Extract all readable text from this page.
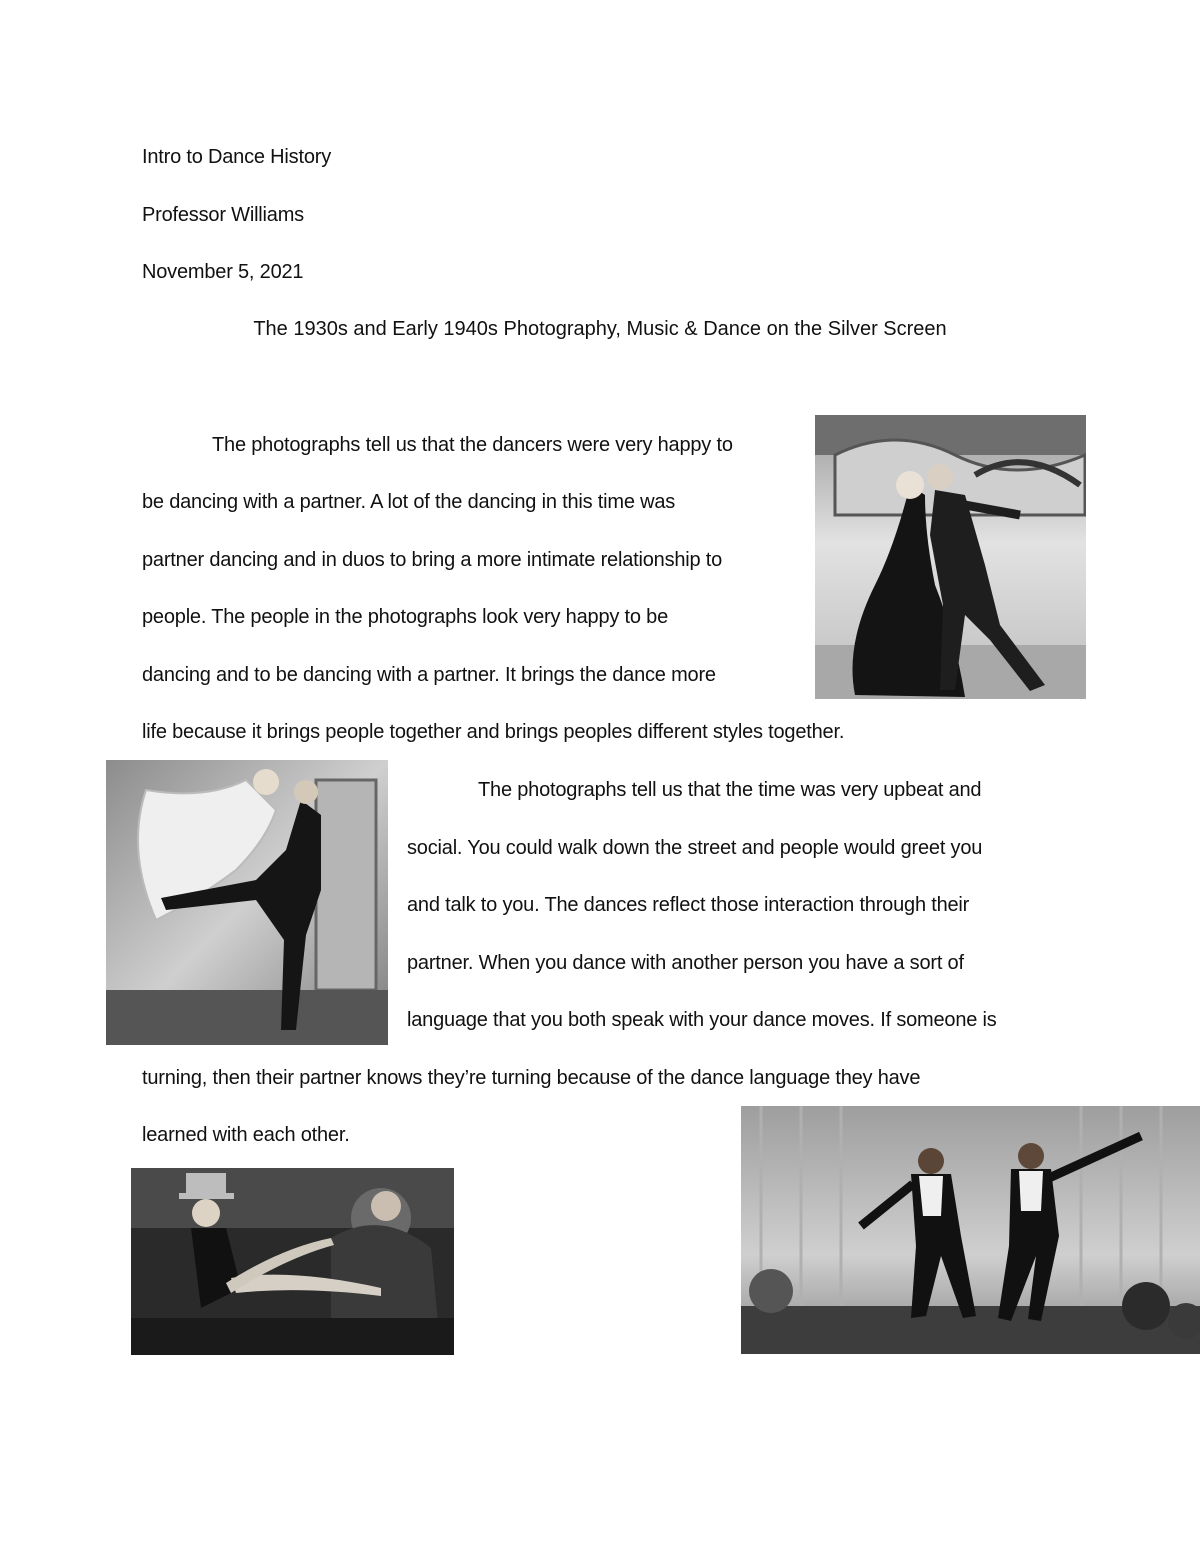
Intro to Dance History
Professor Williams
November 5, 2021
The 1930s and Early 1940s Photography, Music & Dance on the Silver Screen
The photographs tell us that the dancers were very happy to
be dancing with a partner. A lot of the dancing in this time was
partner dancing and in duos to bring a more intimate relationship to
people. The people in the photographs look very happy to be
dancing and to be dancing with a partner. It brings the dance more
life because it brings people together and brings peoples different styles together.
The photographs tell us that the time was very upbeat and
social. You could walk down the street and people would greet you
and talk to you. The dances reflect those interaction through their
partner. When you dance with another person you have a sort of
language that you both speak with your dance moves. If someone is
turning, then their partner knows they’re turning because of the dance language they have
learned with each other.
